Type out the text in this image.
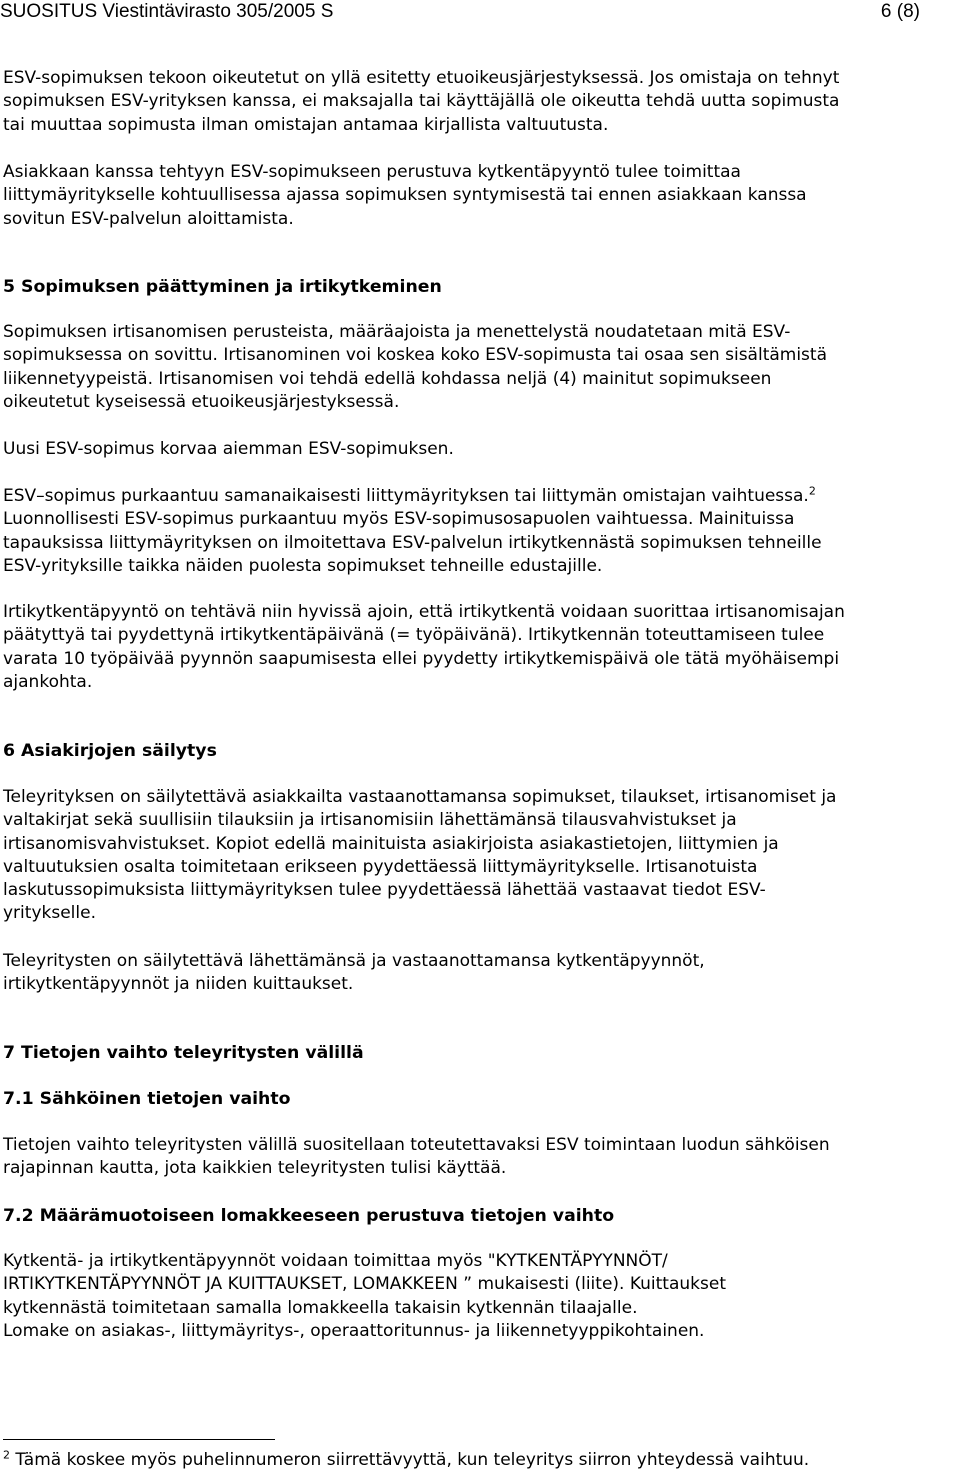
SUOSITUS Viestintävirasto 305/2005 S	6 (8)

ESV-sopimuksen tekoon oikeutetut on yllä esitetty etuoikeusjärjestyksessä. Jos omistaja on tehnyt
sopimuksen ESV-yrityksen kanssa, ei maksajalla tai käyttäjällä ole oikeutta tehdä uutta sopimusta
tai muuttaa sopimusta ilman omistajan antamaa kirjallista valtuutusta.

Asiakkaan kanssa tehtyyn ESV-sopimukseen perustuva kytkentäpyyntö tulee toimittaa
liittymäyritykselle kohtuullisessa ajassa sopimuksen syntymisestä tai ennen asiakkaan kanssa
sovitun ESV-palvelun aloittamista.

5 Sopimuksen päättyminen ja irtikytkeminen

Sopimuksen irtisanomisen perusteista, määräajoista ja menettelystä noudatetaan mitä ESV-
sopimuksessa on sovittu. Irtisanominen voi koskea koko ESV-sopimusta tai osaa sen sisältämistä
liikennetyypeistä. Irtisanomisen voi tehdä edellä kohdassa neljä (4) mainitut sopimukseen
oikeutetut kyseisessä etuoikeusjärjestyksessä.

Uusi ESV-sopimus korvaa aiemman ESV-sopimuksen.

ESV–sopimus purkaantuu samanaikaisesti liittymäyrityksen tai liittymän omistajan vaihtuessa.$^2$
Luonnollisesti ESV-sopimus purkaantuu myös ESV-sopimusosapuolen vaihtuessa. Mainituissa
tapauksissa liittymäyrityksen on ilmoitettava ESV-palvelun irtikytkennästä sopimuksen tehneille
ESV-yrityksille taikka näiden puolesta sopimukset tehneille edustajille.

Irtikytkentäpyyntö on tehtävä niin hyvissä ajoin, että irtikytkentä voidaan suorittaa irtisanomisajan
päätyttyä tai pyydettynä irtikytkentäpäivänä (= työpäivänä). Irtikytkennän toteuttamiseen tulee
varata 10 työpäivää pyynnön saapumisesta ellei pyydetty irtikytkemispäivä ole tätä myöhäisempi
ajankohta.

6 Asiakirjojen säilytys

Teleyrityksen on säilytettävä asiakkailta vastaanottamansa sopimukset, tilaukset, irtisanomiset ja
valtakirjat sekä suullisiin tilauksiin ja irtisanomisiin lähettämänsä tilausvahvistukset ja
irtisanomisvahvistukset. Kopiot edellä mainituista asiakirjoista asiakastietojen, liittymien ja
valtuutuksien osalta toimitetaan erikseen pyydettäessä liittymäyritykselle. Irtisanotuista
laskutussopimuksista liittymäyrityksen tulee pyydettäessä lähettää vastaavat tiedot ESV-
yritykselle.

Teleyritysten on säilytettävä lähettämänsä ja vastaanottamansa kytkentäpyynnöt,
irtikytkentäpyynnöt ja niiden kuittaukset.

7 Tietojen vaihto teleyritysten välillä

7.1 Sähköinen tietojen vaihto

Tietojen vaihto teleyritysten välillä suositellaan toteutettavaksi ESV toimintaan luodun sähköisen
rajapinnan kautta, jota kaikkien teleyritysten tulisi käyttää.

7.2 Määrämuotoiseen lomakkeeseen perustuva tietojen vaihto

Kytkentä- ja irtikytkentäpyynnöt voidaan toimittaa myös "KYTKENTÄPYYNNÖT/
IRTIKYTKENTÄPYYNNÖT JA KUITTAUKSET, LOMAKKEEN ” mukaisesti (liite). Kuittaukset
kytkennästä toimitetaan samalla lomakkeella takaisin kytkennän tilaajalle.
Lomake on asiakas-, liittymäyritys-, operaattoritunnus- ja liikennetyyppikohtainen.

$^2$ Tämä koskee myös puhelinnumeron siirrettävyyttä, kun teleyritys siirron yhteydessä vaihtuu.
